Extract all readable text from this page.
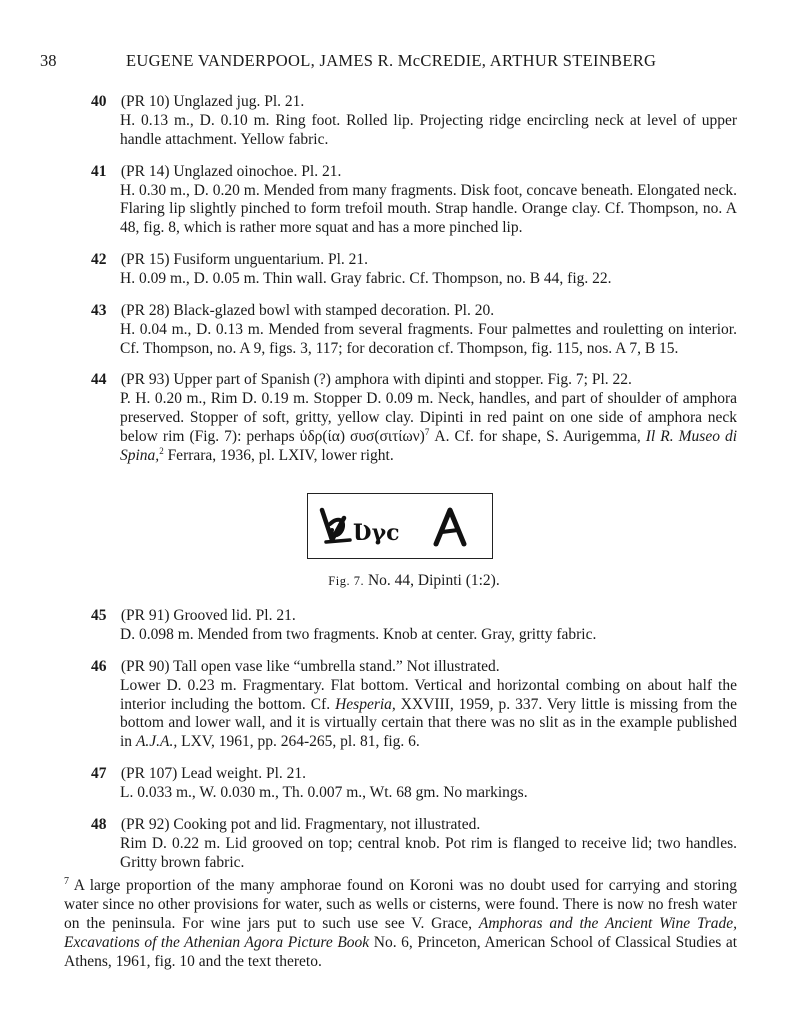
38	EUGENE VANDERPOOL, JAMES R. McCREDIE, ARTHUR STEINBERG
40 (PR 10) Unglazed jug. Pl. 21.
H. 0.13 m., D. 0.10 m. Ring foot. Rolled lip. Projecting ridge encircling neck at level of upper handle attachment. Yellow fabric.
41 (PR 14) Unglazed oinochoe. Pl. 21.
H. 0.30 m., D. 0.20 m. Mended from many fragments. Disk foot, concave beneath. Elongated neck. Flaring lip slightly pinched to form trefoil mouth. Strap handle. Orange clay. Cf. Thompson, no. A 48, fig. 8, which is rather more squat and has a more pinched lip.
42 (PR 15) Fusiform unguentarium. Pl. 21.
H. 0.09 m., D. 0.05 m. Thin wall. Gray fabric. Cf. Thompson, no. B 44, fig. 22.
43 (PR 28) Black-glazed bowl with stamped decoration. Pl. 20.
H. 0.04 m., D. 0.13 m. Mended from several fragments. Four palmettes and rouletting on interior. Cf. Thompson, no. A 9, figs. 3, 117; for decoration cf. Thompson, fig. 115, nos. A 7, B 15.
44 (PR 93) Upper part of Spanish (?) amphora with dipinti and stopper. Fig. 7; Pl. 22.
P. H. 0.20 m., Rim D. 0.19 m. Stopper D. 0.09 m. Neck, handles, and part of shoulder of amphora preserved. Stopper of soft, gritty, yellow clay. Dipinti in red paint on one side of amphora neck below rim (Fig. 7): perhaps ὑδρ(ία) συσ(σιτίων)$^7$ A. Cf. for shape, S. Aurigemma, Il R. Museo di Spina,$^2$ Ferrara, 1936, pl. LXIV, lower right.
Ʋγc
A
Fig. 7. No. 44, Dipinti (1:2).
45 (PR 91) Grooved lid. Pl. 21.
D. 0.098 m. Mended from two fragments. Knob at center. Gray, gritty fabric.
46 (PR 90) Tall open vase like “umbrella stand.” Not illustrated.
Lower D. 0.23 m. Fragmentary. Flat bottom. Vertical and horizontal combing on about half the interior including the bottom. Cf. Hesperia, XXVIII, 1959, p. 337. Very little is missing from the bottom and lower wall, and it is virtually certain that there was no slit as in the example published in A.J.A., LXV, 1961, pp. 264-265, pl. 81, fig. 6.
47 (PR 107) Lead weight. Pl. 21.
L. 0.033 m., W. 0.030 m., Th. 0.007 m., Wt. 68 gm. No markings.
48 (PR 92) Cooking pot and lid. Fragmentary, not illustrated.
Rim D. 0.22 m. Lid grooved on top; central knob. Pot rim is flanged to receive lid; two handles. Gritty brown fabric.
$^7$ A large proportion of the many amphorae found on Koroni was no doubt used for carrying and storing water since no other provisions for water, such as wells or cisterns, were found. There is now no fresh water on the peninsula. For wine jars put to such use see V. Grace, Amphoras and the Ancient Wine Trade, Excavations of the Athenian Agora Picture Book No. 6, Princeton, American School of Classical Studies at Athens, 1961, fig. 10 and the text thereto.
